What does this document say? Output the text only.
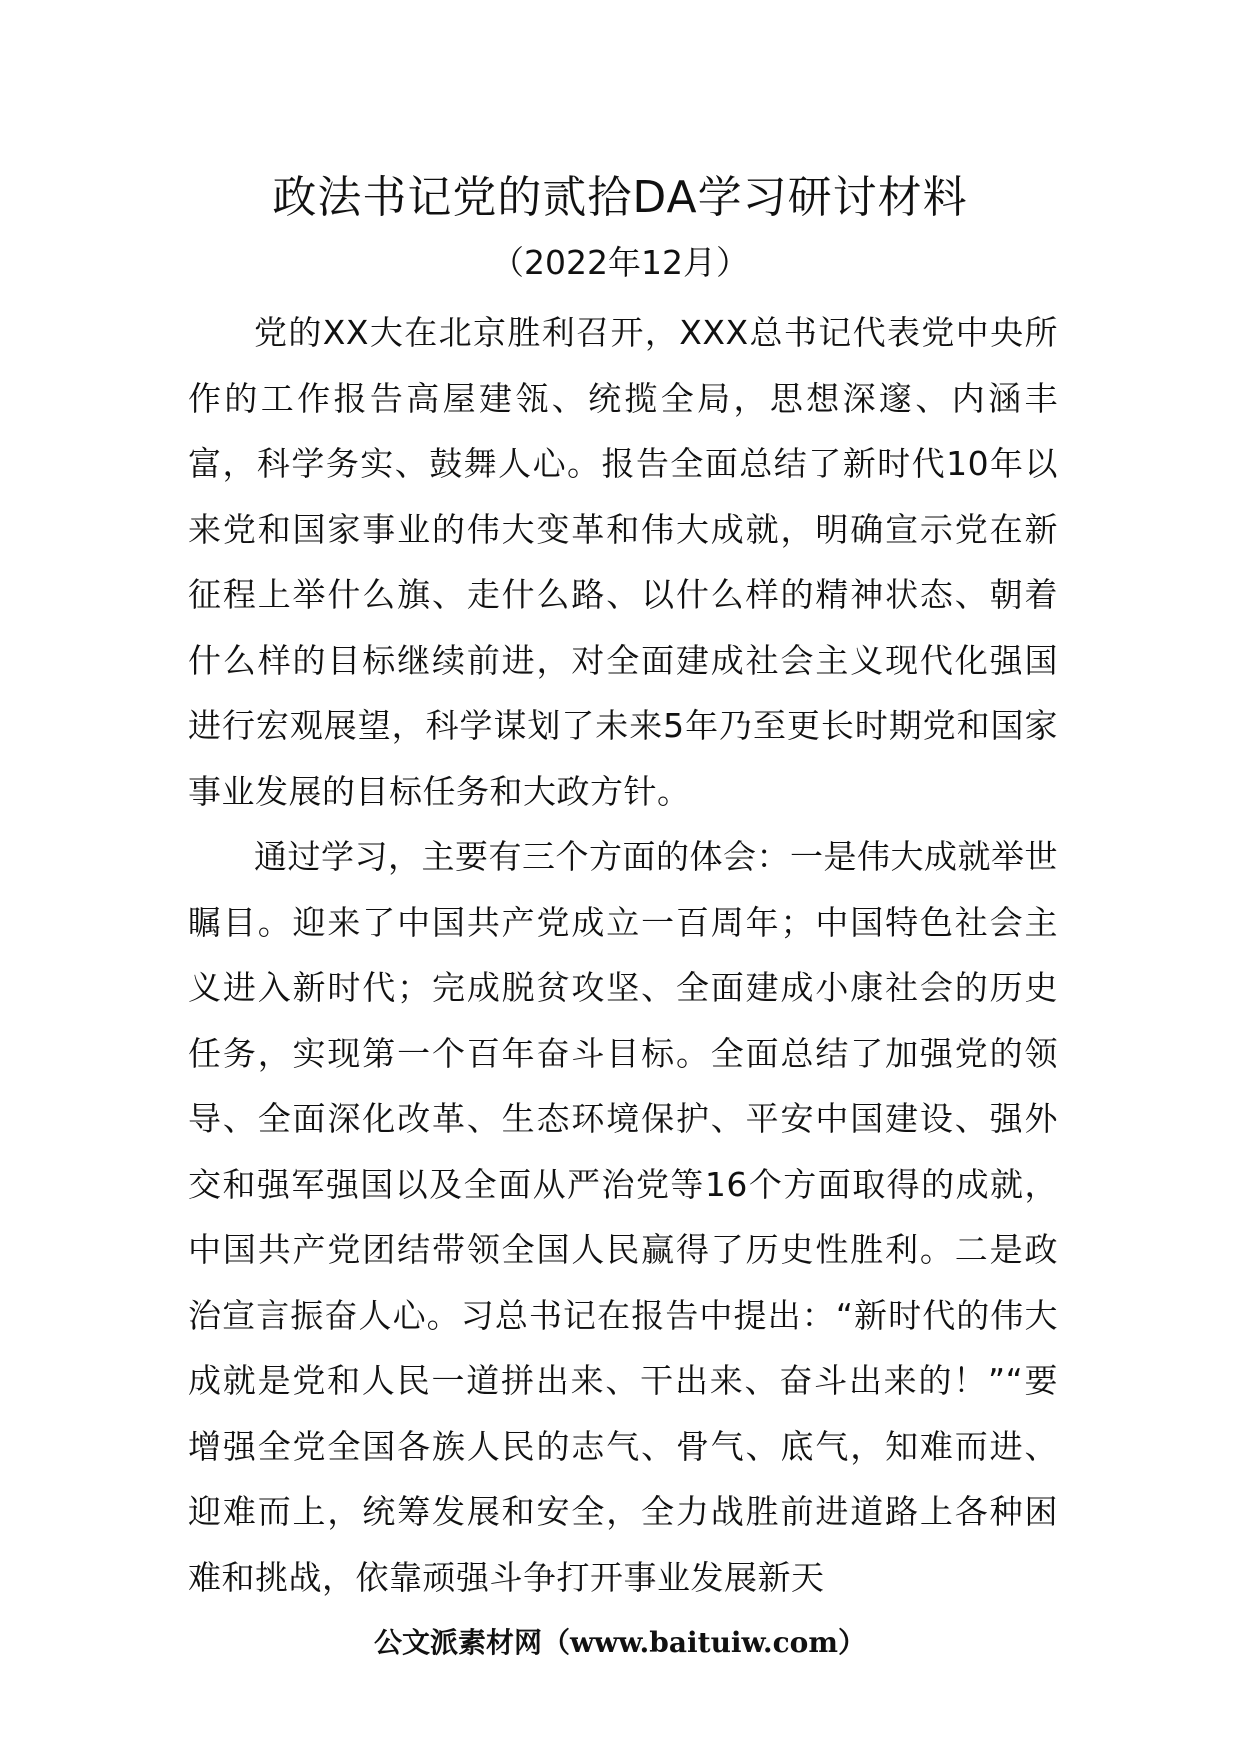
政法书记党的贰拾DA学习研讨材料
（2022年12月）

党的XX大在北京胜利召开，XXX总书记代表党中央所作的工作报告高屋建瓴、统揽全局，思想深邃、内涵丰富，科学务实、鼓舞人心。报告全面总结了新时代10年以来党和国家事业的伟大变革和伟大成就，明确宣示党在新征程上举什么旗、走什么路、以什么样的精神状态、朝着什么样的目标继续前进，对全面建成社会主义现代化强国进行宏观展望，科学谋划了未来5年乃至更长时期党和国家事业发展的目标任务和大政方针。

通过学习，主要有三个方面的体会：一是伟大成就举世瞩目。迎来了中国共产党成立一百周年；中国特色社会主义进入新时代；完成脱贫攻坚、全面建成小康社会的历史任务，实现第一个百年奋斗目标。全面总结了加强党的领导、全面深化改革、生态环境保护、平安中国建设、强外交和强军强国以及全面从严治党等16个方面取得的成就，中国共产党团结带领全国人民赢得了历史性胜利。二是政治宣言振奋人心。习总书记在报告中提出：“新时代的伟大成就是党和人民一道拼出来、干出来、奋斗出来的！”“要增强全党全国各族人民的志气、骨气、底气，知难而进、迎难而上，统筹发展和安全，全力战胜前进道路上各种困难和挑战，依靠顽强斗争打开事业发展新天

公文派素材网（www.baituiw.com）
